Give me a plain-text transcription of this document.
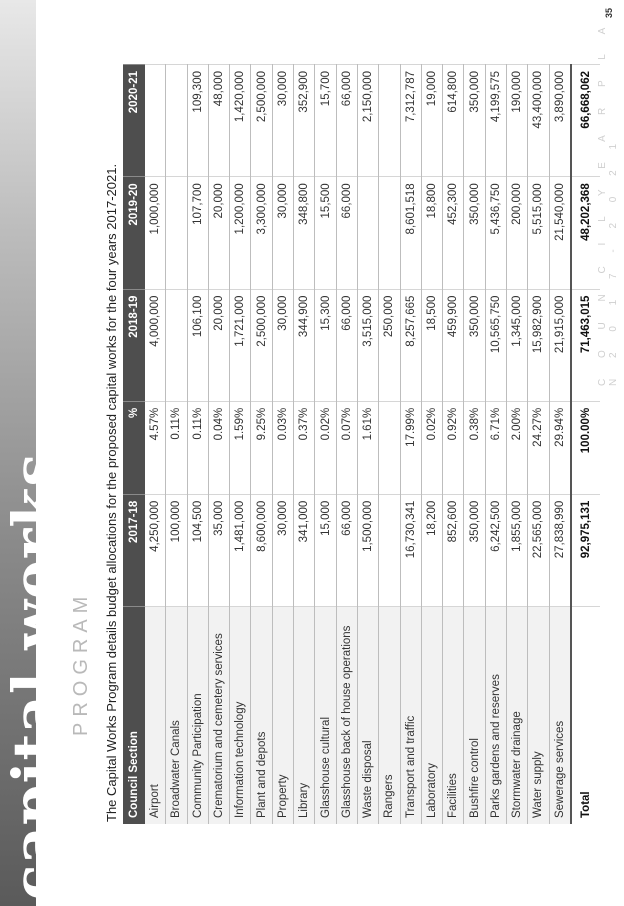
capital works PROGRAM The Capital Works Program details budget allocations for the proposed capital works for the four years 2017-2021. Council Section	2017-18	%	2018-19	2019-20	2020-21
Airport	4,250,000	4.57%	4,000,000	1,000,000	
Broadwater Canals	100,000	0.11%			
Community Participation	104,500	0.11%	106,100	107,700	109,300
Crematorium and cemetery services	35,000	0.04%	20,000	20,000	48,000
Information technology	1,481,000	1.59%	1,721,000	1,200,000	1,420,000
Plant and depots	8,600,000	9.25%	2,500,000	3,300,000	2,500,000
Property	30,000	0.03%	30,000	30,000	30,000
Library	341,000	0.37%	344,900	348,800	352,900
Glasshouse cultural	15,000	0.02%	15,300	15,500	15,700
Glasshouse back of house operations	66,000	0.07%	66,000	66,000	66,000
Waste disposal	1,500,000	1.61%	3,515,000		2,150,000
Rangers			250,000		
Transport and traffic	16,730,341	17.99%	8,257,665	8,601,518	7,312,787
Laboratory	18,200	0.02%	18,500	18,800	19,000
Facilities	852,600	0.92%	459,900	452,300	614,800
Bushfire control	350,000	0.38%	350,000	350,000	350,000
Parks gardens and reserves	6,242,500	6.71%	10,565,750	5,436,750	4,199,575
Stormwater drainage	1,855,000	2.00%	1,345,000	200,000	190,000
Water supply	22,565,000	24.27%	15,982,900	5,515,000	43,400,000
Sewerage services	27,838,990	29.94%	21,915,000	21,540,000	3,890,000
Total	92,975,131	100.00%	71,463,015	48,202,368	66,668,062 C O U N C I L Y E A R P L A N 2 0 1 7 - 2 0 2 1
35
